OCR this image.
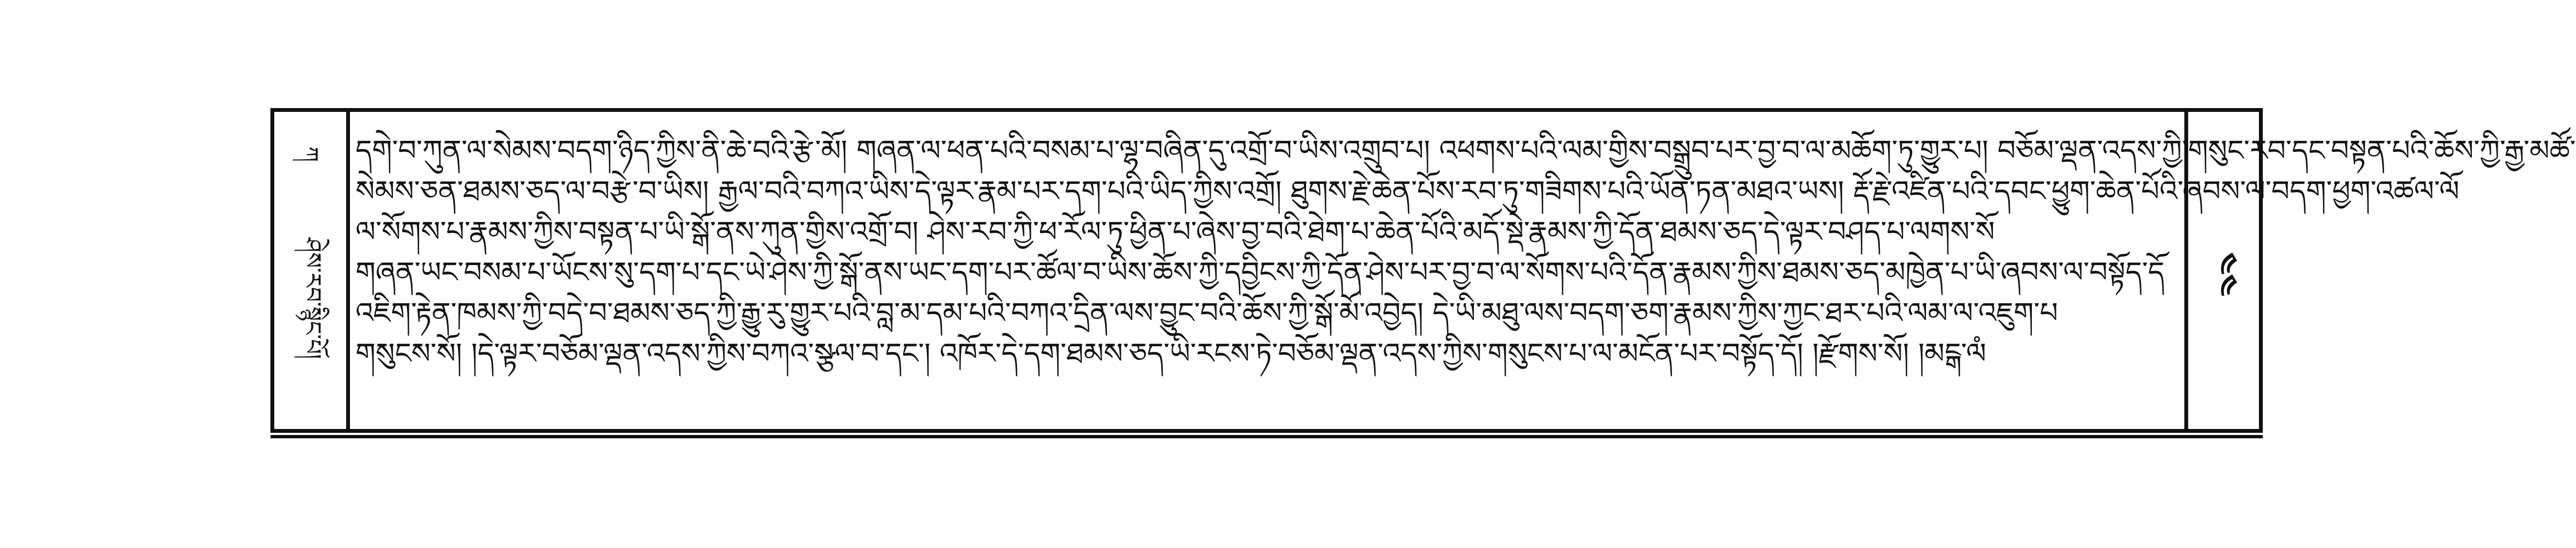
ཀ
ཤེས་རབ་སྙིང་པོ།
དགེ་བ་ཀུན་ལ་སེམས་བདག་ཉིད་ཀྱིས་ནི་ཆེ་བའི་རྩེ་མོ། གཞན་ལ་ཕན་པའི་བསམ་པ་ལྷ་བཞིན་དུ་འགྲོ་བ་ཡིས་འགྲུབ་པ། འཕགས་པའི་ལམ་གྱིས་བསྒྲུབ་པར་བྱ་བ་ལ་མཆོག་ཏུ་གྱུར་པ། བཅོམ་ལྡན་འདས་ཀྱི་གསུང་རབ་དང་བསྟན་པའི་ཆོས་ཀྱི་རྒྱ་མཚོ་
སེམས་ཅན་ཐམས་ཅད་ལ་བརྩེ་བ་ཡིས། རྒྱལ་བའི་བཀའ་ཡིས་དེ་ལྟར་རྣམ་པར་དག་པའི་ཡིད་ཀྱིས་འགྲོ། ཐུགས་རྗེ་ཆེན་པོས་རབ་ཏུ་གཟིགས་པའི་ཡོན་ཏན་མཐའ་ཡས། རྡོ་རྗེ་འཛིན་པའི་དབང་ཕྱུག་ཆེན་པོའི་ཞབས་ལ་བདག་ཕྱག་འཚལ་ལོ
ལ་སོགས་པ་རྣམས་ཀྱིས་བསྟན་པ་ཡི་སྒོ་ནས་ཀུན་གྱིས་འགྲོ་བ། ཤེས་རབ་ཀྱི་ཕ་རོལ་ཏུ་ཕྱིན་པ་ཞེས་བྱ་བའི་ཐེག་པ་ཆེན་པོའི་མདོ་སྡེ་རྣམས་ཀྱི་དོན་ཐམས་ཅད་དེ་ལྟར་བཤད་པ་ལགས་སོ
གཞན་ཡང་བསམ་པ་ཡོངས་སུ་དག་པ་དང་ཡེ་ཤེས་ཀྱི་སྒོ་ནས་ཡང་དག་པར་ཚོལ་བ་ཡིས་ཆོས་ཀྱི་དབྱིངས་ཀྱི་དོན་ཤེས་པར་བྱ་བ་ལ་སོགས་པའི་དོན་རྣམས་ཀྱིས་ཐམས་ཅད་མཁྱེན་པ་ཡི་ཞབས་ལ་བསྟོད་དོ
འཇིག་རྟེན་ཁམས་ཀྱི་བདེ་བ་ཐམས་ཅད་ཀྱི་རྒྱུ་རུ་གྱུར་པའི་བླ་མ་དམ་པའི་བཀའ་དྲིན་ལས་བྱུང་བའི་ཆོས་ཀྱི་སྒོ་མོ་འབྱེད། དེ་ཡི་མཐུ་ལས་བདག་ཅག་རྣམས་ཀྱིས་ཀྱང་ཐར་པའི་ལམ་ལ་འཇུག་པ
གསུངས་སོ། །དེ་ལྟར་བཅོམ་ལྡན་འདས་ཀྱིས་བཀའ་སྩལ་བ་དང་། འཁོར་དེ་དག་ཐམས་ཅད་ཡི་རངས་ཏེ་བཅོམ་ལྡན་འདས་ཀྱིས་གསུངས་པ་ལ་མངོན་པར་བསྟོད་དོ། །རྫོགས་སོ། །མངྒ་ལཾ
༤༤
